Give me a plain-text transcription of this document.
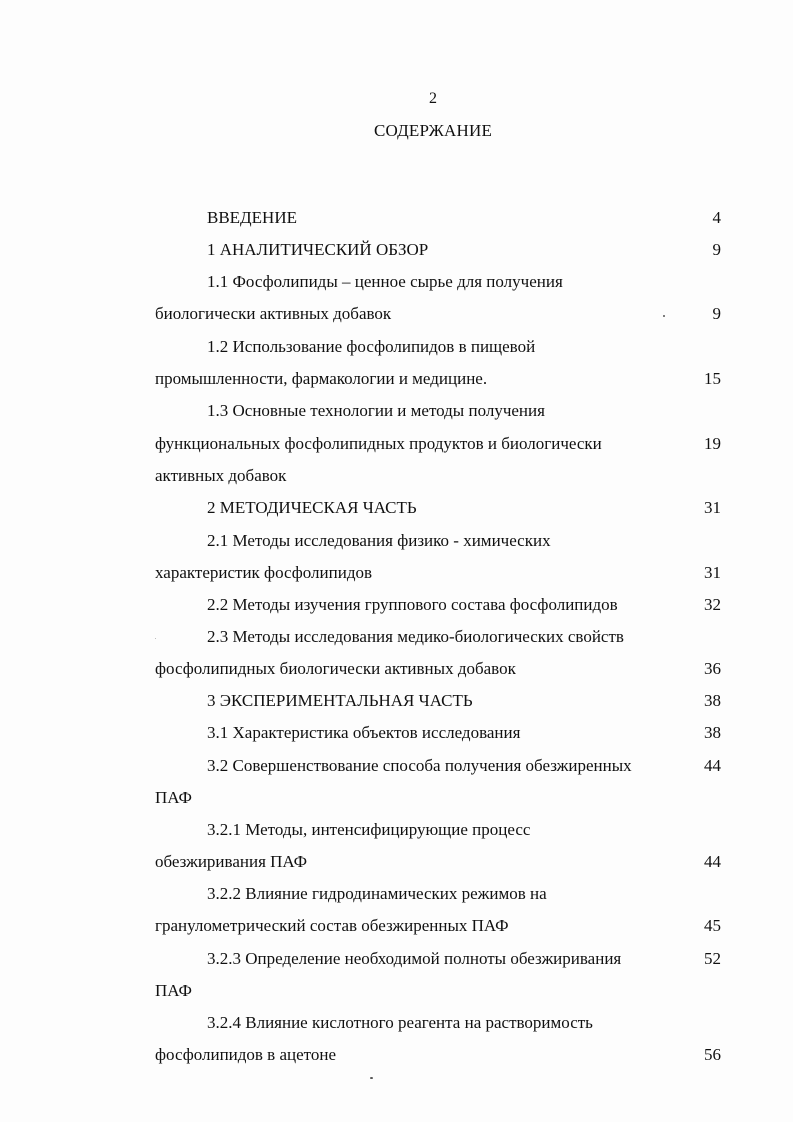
2
СОДЕРЖАНИЕ
ВВЕДЕНИЕ	4
1 АНАЛИТИЧЕСКИЙ ОБЗОР	9
1.1 Фосфолипиды – ценное сырье для получения
биологически активных добавок	9
1.2 Использование фосфолипидов в пищевой
промышленности, фармакологии и медицине.	15
1.3 Основные технологии и методы получения
функциональных фосфолипидных продуктов и биологически	19
активных добавок
2 МЕТОДИЧЕСКАЯ ЧАСТЬ	31
2.1 Методы исследования физико - химических
характеристик фосфолипидов	31
2.2 Методы изучения группового состава фосфолипидов	32
2.3 Методы исследования медико-биологических свойств
фосфолипидных биологически активных добавок	36
3 ЭКСПЕРИМЕНТАЛЬНАЯ ЧАСТЬ	38
3.1 Характеристика объектов исследования	38
3.2 Совершенствование способа получения обезжиренных	44
ПАФ
3.2.1 Методы, интенсифицирующие процесс
обезжиривания ПАФ	44
3.2.2 Влияние гидродинамических режимов на
гранулометрический состав обезжиренных ПАФ	45
3.2.3 Определение необходимой полноты обезжиривания	52
ПАФ
3.2.4 Влияние кислотного реагента на растворимость
фосфолипидов в ацетоне	56
